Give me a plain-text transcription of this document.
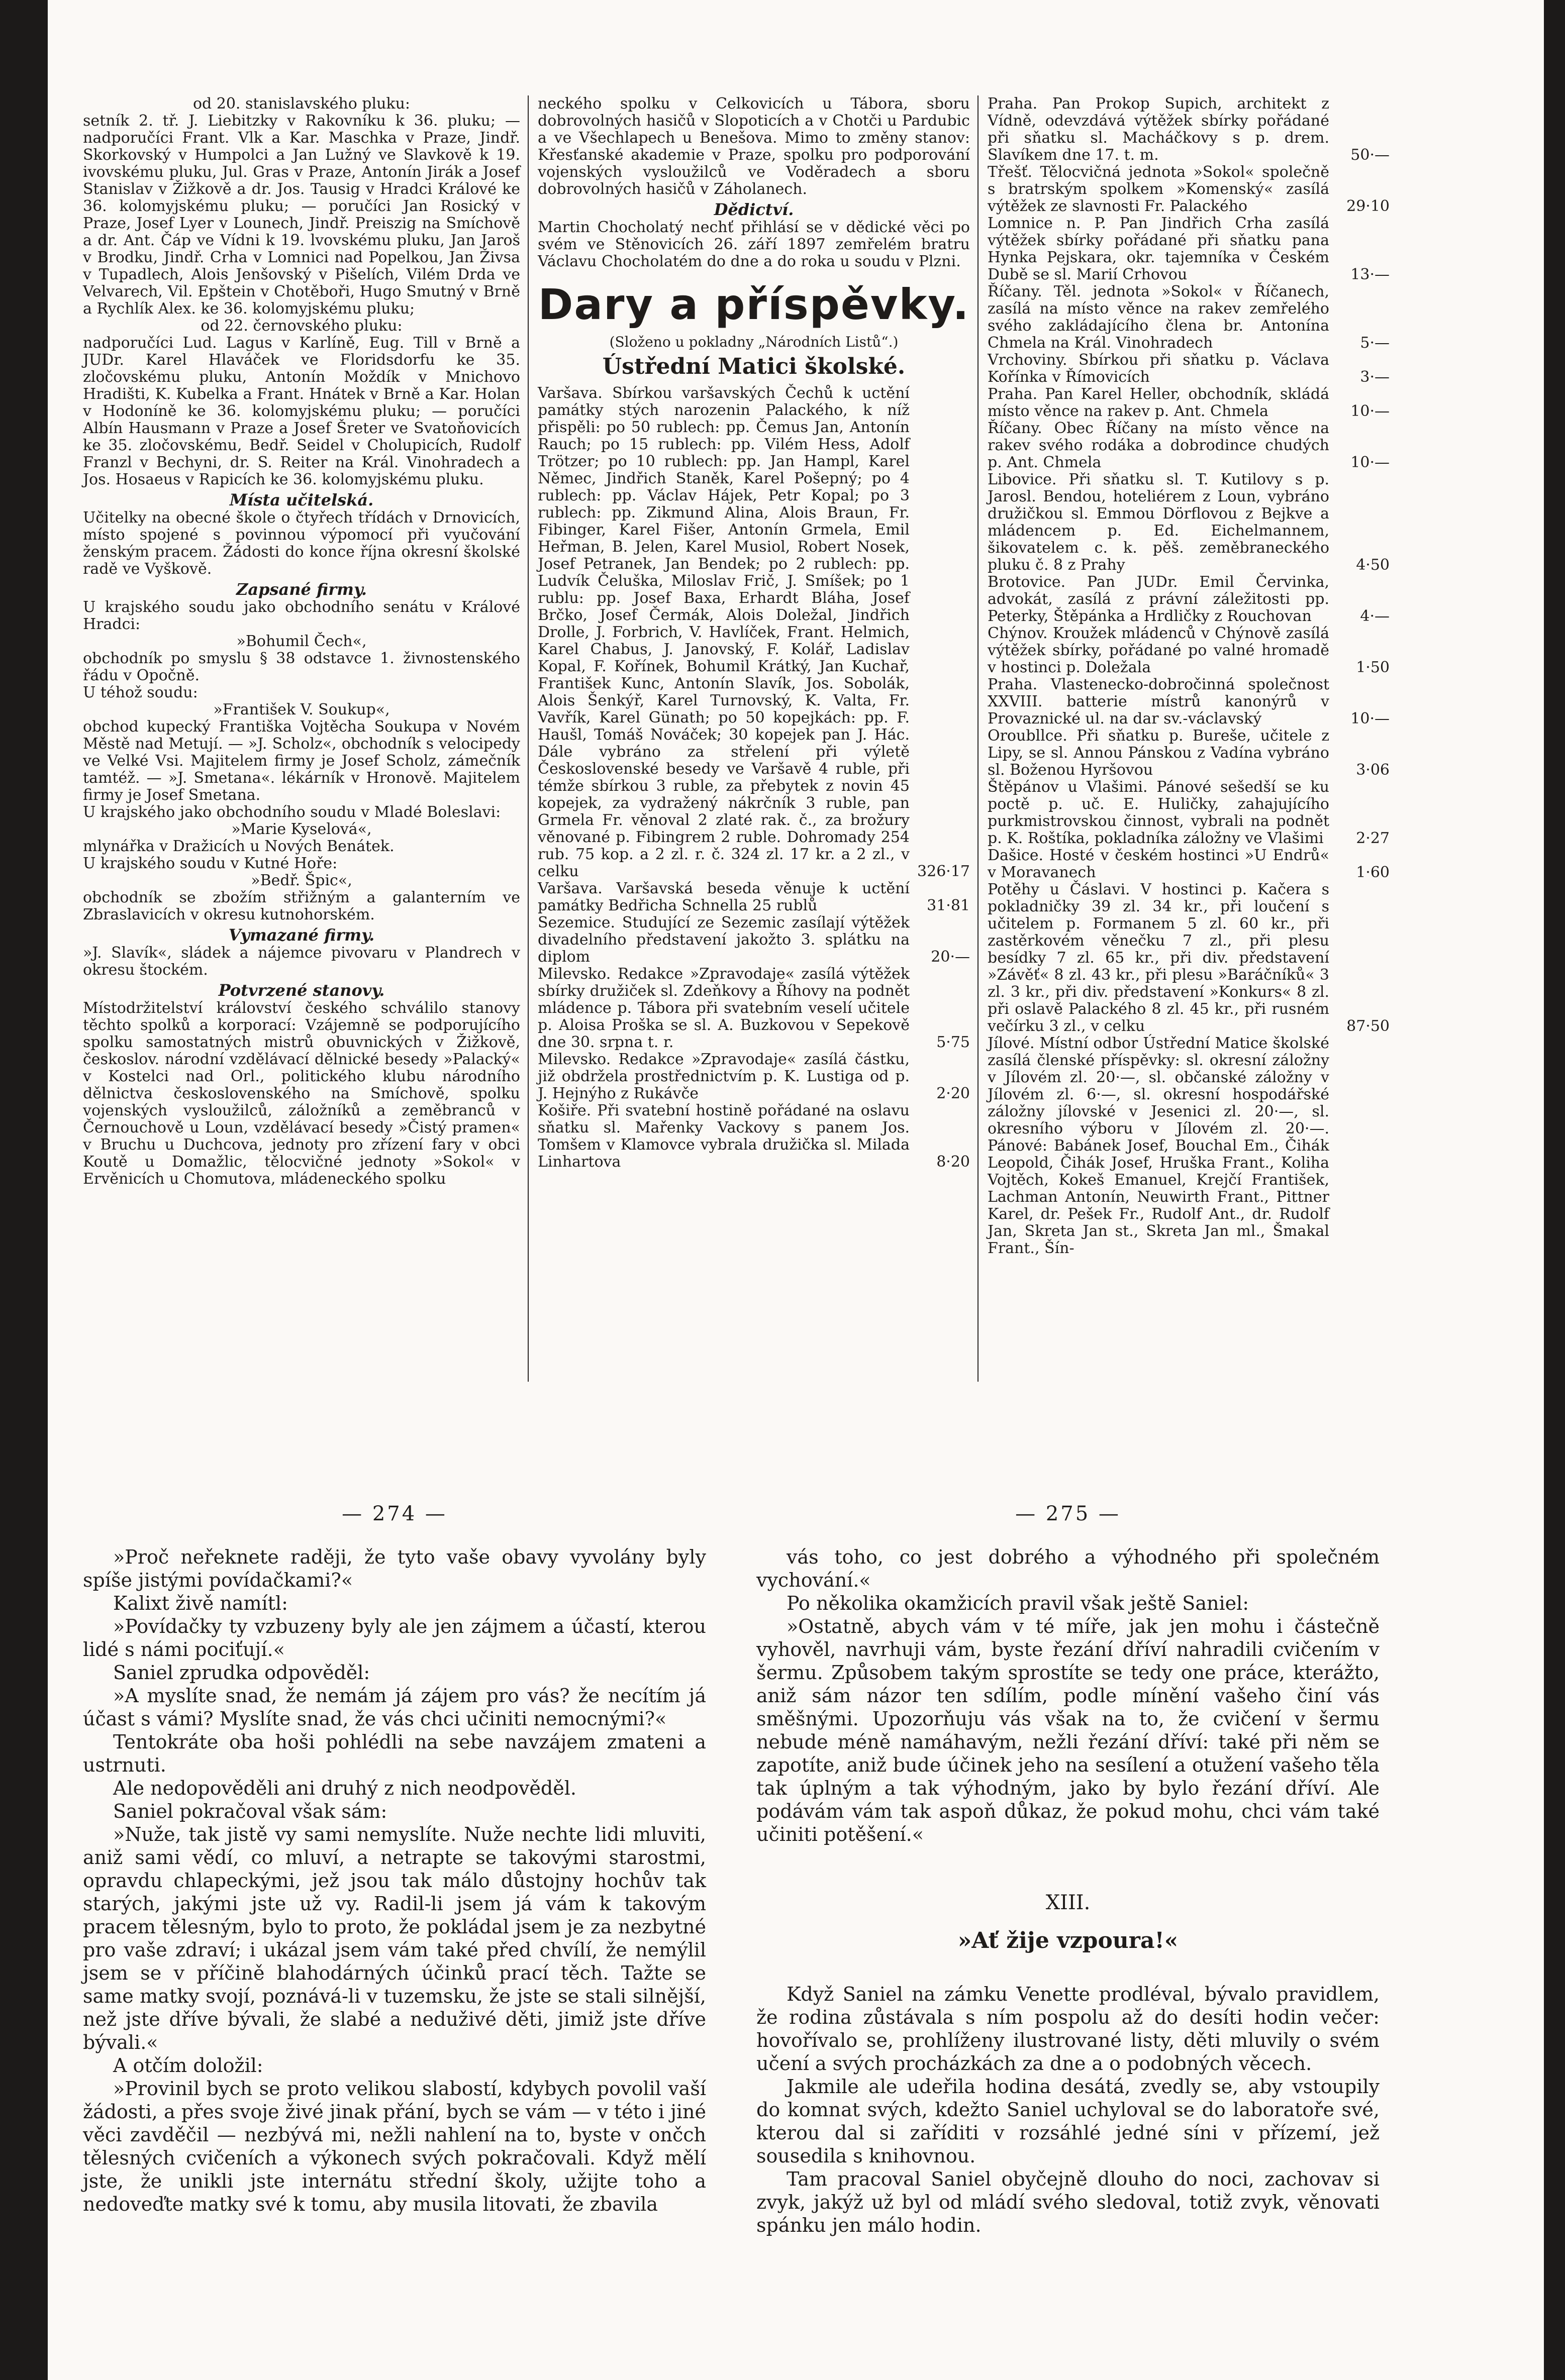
od 20. stanislavského pluku:

setník 2. tř. J. Liebitzky v Rakovníku k 36. pluku; — nadporučíci Frant. Vlk a Kar. Maschka v Praze, Jindř. Skorkovský v Humpolci a Jan Lužný ve Slavkově k 19. ivovskému pluku, Jul. Gras v Praze, Antonín Jirák a Josef Stanislav v Žižkově a dr. Jos. Tausig v Hradci Králové ke 36. kolomyjskému pluku; — poručíci Jan Rosický v Praze, Josef Lyer v Lounech, Jindř. Preiszig na Smíchově a dr. Ant. Čáp ve Vídni k 19. lvovskému pluku, Jan Jaroš v Brodku, Jindř. Crha v Lomnici nad Popelkou, Jan Živsa v Tupadlech, Alois Jenšovský v Pišelích, Vilém Drda ve Velvarech, Vil. Epštein v Chotěboři, Hugo Smutný v Brně a Rychlík Alex. ke 36. kolomyjskému pluku;

od 22. černovského pluku:

nadporučíci Lud. Lagus v Karlíně, Eug. Till v Brně a JUDr. Karel Hlaváček ve Floridsdorfu ke 35. zločovskému pluku, Antonín Moždík v Mnichovo Hradišti, K. Kubelka a Frant. Hnátek v Brně a Kar. Holan v Hodoníně ke 36. kolomyjskému pluku; — poručíci Albín Hausmann v Praze a Josef Šreter ve Svatoňovicích ke 35. zločovskému, Bedř. Seidel v Cholupicích, Rudolf Franzl v Bechyni, dr. S. Reiter na Král. Vinohradech a Jos. Hosaeus v Rapicích ke 36. kolomyjskému pluku.

Místa učitelská.

Učitelky na obecné škole o čtyřech třídách v Drnovicích, místo spojené s povinnou výpomocí při vyučování ženským pracem. Žádosti do konce října okresní školské radě ve Vyškově.

Zapsané firmy.

U krajského soudu jako obchodního senátu v Králové Hradci:

»Bohumil Čech«,

obchodník po smyslu § 38 odstavce 1. živnostenského řádu v Opočně.

U téhož soudu:

»František V. Soukup«,

obchod kupecký Františka Vojtěcha Soukupa v Novém Městě nad Metují. — »J. Scholz«, obchodník s velocipedy ve Velké Vsi. Majitelem firmy je Josef Scholz, zámečník tamtéž. — »J. Smetana«. lékárník v Hronově. Majitelem firmy je Josef Smetana.

U krajského jako obchodního soudu v Mladé Boleslavi:

»Marie Kyselová«,

mlynářka v Dražicích u Nových Benátek.

U krajského soudu v Kutné Hoře:

»Bedř. Špic«,

obchodník se zbožím střižným a galanterním ve Zbraslavicích v okresu kutnohorském.

Vymazané firmy.

»J. Slavík«, sládek a nájemce pivovaru v Plandrech v okresu štockém.

Potvrzené stanovy.

Místodržitelství království českého schválilo stanovy těchto spolků a korporací: Vzájemně se podporujícího spolku samostatných mistrů obuvnických v Žižkově, českoslov. národní vzdělávací dělnické besedy »Palacký« v Kostelci nad Orl., politického klubu národního dělnictva československého na Smíchově, spolku vojenských vysloužilců, záložníků a zeměbranců v Černouchově u Loun, vzdělávací besedy »Čistý pramen« v Bruchu u Duchcova, jednoty pro zřízení fary v obci Koutě u Domažlic, tělocvičné jednoty »Sokol« v Ervěnicích u Chomutova, mládeneckého spolku

neckého spolku v Celkovicích u Tábora, sboru dobrovolných hasičů v Slopoticích a v Chotči u Pardubic a ve Všechlapech u Benešova. Mimo to změny stanov: Křesťanské akademie v Praze, spolku pro podporování vojenských vysloužilců ve Voděradech a sboru dobrovolných hasičů v Záholanech.

Dědictví.

Martin Chocholatý nechť přihlásí se v dědické věci po svém ve Stěnovicích 26. září 1897 zemřelém bratru Václavu Chocholatém do dne a do roka u soudu v Plzni.

Dary a příspěvky.

(Složeno u pokladny „Národních Listů“.)

Ústřední Matici školské.

Varšava. Sbírkou varšavských Čechů k uctění památky stých narozenin Palackého, k níž přispěli: po 50 rublech: pp. Čemus Jan, Antonín Rauch; po 15 rublech: pp. Vilém Hess, Adolf Trötzer; po 10 rublech: pp. Jan Hampl, Karel Němec, Jindřich Staněk, Karel Pošepný; po 4 rublech: pp. Václav Hájek, Petr Kopal; po 3 rublech: pp. Zikmund Alina, Alois Braun, Fr. Fibinger, Karel Fišer, Antonín Grmela, Emil Heřman, B. Jelen, Karel Musiol, Robert Nosek, Josef Petranek, Jan Bendek; po 2 rublech: pp. Ludvík Čeluška, Miloslav Frič, J. Smíšek; po 1 rublu: pp. Josef Baxa, Erhardt Bláha, Josef Brčko, Josef Čermák, Alois Doležal, Jindřich Drolle, J. Forbrich, V. Havlíček, Frant. Helmich, Karel Chabus, J. Janovský, F. Kolář, Ladislav Kopal, F. Kořínek, Bohumil Krátký, Jan Kuchař, František Kunc, Antonín Slavík, Jos. Sobolák, Alois Šenkýř, Karel Turnovský, K. Valta, Fr. Vavřík, Karel Günath; po 50 kopejkách: pp. F. Haušl, Tomáš Nováček; 30 kopejek pan J. Hác. Dále vybráno za střelení při výletě Československé besedy ve Varšavě 4 ruble, při témže sbírkou 3 ruble, za přebytek z novin 45 kopejek, za vydražený nákrčník 3 ruble, pan Grmela Fr. věnoval 2 zlaté rak. č., za brožury věnované p. Fibingrem 2 ruble. Dohromady 254 rub. 75 kop. a 2 zl. r. č. 324 zl. 17 kr. a 2 zl., v celku	326·17
Varšava. Varšavská beseda věnuje k uctění památky Bedřicha Schnella 25 rublů	31·81
Sezemice. Studující ze Sezemic zasílají výtěžek divadelního představení jakožto 3. splátku na diplom	20·—
Milevsko. Redakce »Zpravodaje« zasílá výtěžek sbírky družiček sl. Zdeňkovy a Říhovy na podnět mládence p. Tábora při svatebním veselí učitele p. Aloisa Proška se sl. A. Buzkovou v Sepekově dne 30. srpna t. r.	5·75
Milevsko. Redakce »Zpravodaje« zasílá částku, již obdržela prostřednictvím p. K. Lustiga od p. J. Hejnýho z Rukávče	2·20
Košiře. Při svatební hostině pořádané na oslavu sňatku sl. Mařenky Vackovy s panem Jos. Tomšem v Klamovce vybrala družička sl. Milada Linhartova	8·20
Praha. Pan Prokop Supich, architekt z Vídně, odevzdává výtěžek sbírky pořádané při sňatku sl. Macháčkovy s p. drem. Slavíkem dne 17. t. m.	50·—
Třešť. Tělocvičná jednota »Sokol« společně s bratrským spolkem »Komenský« zasílá výtěžek ze slavnosti Fr. Palackého	29·10
Lomnice n. P. Pan Jindřich Crha zasílá výtěžek sbírky pořádané při sňatku pana Hynka Pejskara, okr. tajemníka v Českém Dubě se sl. Marií Crhovou	13·—
Říčany. Těl. jednota »Sokol« v Říčanech, zasílá na místo věnce na rakev zemřelého svého zakládajícího člena br. Antonína Chmela na Král. Vinohradech	5·—
Vrchoviny. Sbírkou při sňatku p. Václava Kořínka v Římovicích	3·—
Praha. Pan Karel Heller, obchodník, skládá místo věnce na rakev p. Ant. Chmela	10·—
Říčany. Obec Říčany na místo věnce na rakev svého rodáka a dobrodince chudých p. Ant. Chmela	10·—
Libovice. Při sňatku sl. T. Kutilovy s p. Jarosl. Bendou, hoteliérem z Loun, vybráno družičkou sl. Emmou Dörflovou z Bejkve a mládencem p. Ed. Eichelmannem, šikovatelem c. k. pěš. zeměbraneckého pluku č. 8 z Prahy	4·50
Brotovice. Pan JUDr. Emil Červinka, advokát, zasílá z právní záležitosti pp. Peterky, Štěpánka a Hrdličky z Rouchovan	4·—
Chýnov. Kroužek mládenců v Chýnově zasílá výtěžek sbírky, pořádané po valné hromadě v hostinci p. Doležala	1·50
Praha. Vlastenecko-dobročinná společnost XXVIII. batterie místrů kanonýrů v Provaznické ul. na dar sv.-václavský	10·—
Oroubllce. Při sňatku p. Bureše, učitele z Lipy, se sl. Annou Pánskou z Vadína vybráno sl. Boženou Hyršovou	3·06
Štěpánov u Vlašimi. Pánové sešedší se ku poctě p. uč. E. Huličky, zahajujícího purkmistrovskou činnost, vybrali na podnět p. K. Roštíka, pokladníka záložny ve Vlašimi	2·27
Dašice. Hosté v českém hostinci »U Endrů« v Moravanech	1·60
Potěhy u Čáslavi. V hostinci p. Kačera s pokladničky 39 zl. 34 kr., při loučení s učitelem p. Formanem 5 zl. 60 kr., při zastěrkovém věnečku 7 zl., při plesu besídky 7 zl. 65 kr., při div. představení »Závěť« 8 zl. 43 kr., při plesu »Baráčníků« 3 zl. 3 kr., při div. představení »Konkurs« 8 zl. při oslavě Palackého 8 zl. 45 kr., při rusném večírku 3 zl., v celku	87·50
Jílové. Místní odbor Ústřední Matice školské zasílá členské příspěvky: sl. okresní záložny v Jílovém zl. 20·—, sl. občanské záložny v Jílovém zl. 6·—, sl. okresní hospodářské záložny jílovské v Jesenici zl. 20·—, sl. okresního výboru v Jílovém zl. 20·—. Pánové: Babánek Josef, Bouchal Em., Čihák Leopold, Čihák Josef, Hruška Frant., Koliha Vojtěch, Kokeš Emanuel, Krejčí František, Lachman Antonín, Neuwirth Frant., Pittner Karel, dr. Pešek Fr., Rudolf Ant., dr. Rudolf Jan, Skreta Jan st., Skreta Jan ml., Šmakal Frant., Šín-
— 274 —

»Proč neřeknete raději, že tyto vaše obavy vyvolány byly spíše jistými povídačkami?«

Kalixt živě namítl:

»Povídačky ty vzbuzeny byly ale jen zájmem a účastí, kterou lidé s námi pociťují.«

Saniel zprudka odpověděl:

»A myslíte snad, že nemám já zájem pro vás? že necítím já účast s vámi? Myslíte snad, že vás chci učiniti nemocnými?«

Tentokráte oba hoši pohlédli na sebe navzájem zmateni a ustrnuti.

Ale nedopověděli ani druhý z nich neodpověděl.

Saniel pokračoval však sám:

»Nuže, tak jistě vy sami nemyslíte. Nuže nechte lidi mluviti, aniž sami vědí, co mluví, a netrapte se takovými starostmi, opravdu chlapeckými, jež jsou tak málo důstojny hochův tak starých, jakými jste už vy. Radil-li jsem já vám k takovým pracem tělesným, bylo to proto, že pokládal jsem je za nezbytné pro vaše zdraví; i ukázal jsem vám také před chvílí, že nemýlil jsem se v příčině blahodárných účinků prací těch. Tažte se same matky svojí, poznává-li v tuzemsku, že jste se stali silnější, než jste dříve bývali, že slabé a neduživé děti, jimiž jste dříve bývali.«

A otčím doložil:

»Provinil bych se proto velikou slabostí, kdybych povolil vaší žádosti, a přes svoje živé jinak přání, bych se vám — v této i jiné věci zavděčil — nezbývá mi, nežli nahlení na to, byste v ončch tělesných cvičeních a výkonech svých pokračovali. Když mělí jste, že unikli jste internátu střední školy, užijte toho a nedoveďte matky své k tomu, aby musila litovati, že zbavila

— 275 —

vás toho, co jest dobrého a výhodného při společném vychování.«

Po několika okamžicích pravil však ještě Saniel:

»Ostatně, abych vám v té míře, jak jen mohu i částečně vyhověl, navrhuji vám, byste řezání dříví nahradili cvičením v šermu. Způsobem takým sprostíte se tedy one práce, kterážto, aniž sám názor ten sdílím, podle mínění vašeho činí vás směšnými. Upozorňuju vás však na to, že cvičení v šermu nebude méně namáhavým, nežli řezání dříví: také při něm se zapotíte, aniž bude účinek jeho na sesílení a otužení vašeho těla tak úplným a tak výhodným, jako by bylo řezání dříví. Ale podávám vám tak aspoň důkaz, že pokud mohu, chci vám také učiniti potěšení.«

XIII.

»Ať žije vzpoura!«

Když Saniel na zámku Venette prodléval, bývalo pravidlem, že rodina zůstávala s ním pospolu až do desíti hodin večer: hovořívalo se, prohlíženy ilustrované listy, děti mluvily o svém učení a svých procházkách za dne a o podobných věcech.

Jakmile ale udeřila hodina desátá, zvedly se, aby vstoupily do komnat svých, kdežto Saniel uchyloval se do laboratoře své, kterou dal si zaříditi v rozsáhlé jedné síni v přízemí, jež sousedila s knihovnou.

Tam pracoval Saniel obyčejně dlouho do noci, zachovav si zvyk, jakýž už byl od mládí svého sledoval, totiž zvyk, věnovati spánku jen málo hodin.
